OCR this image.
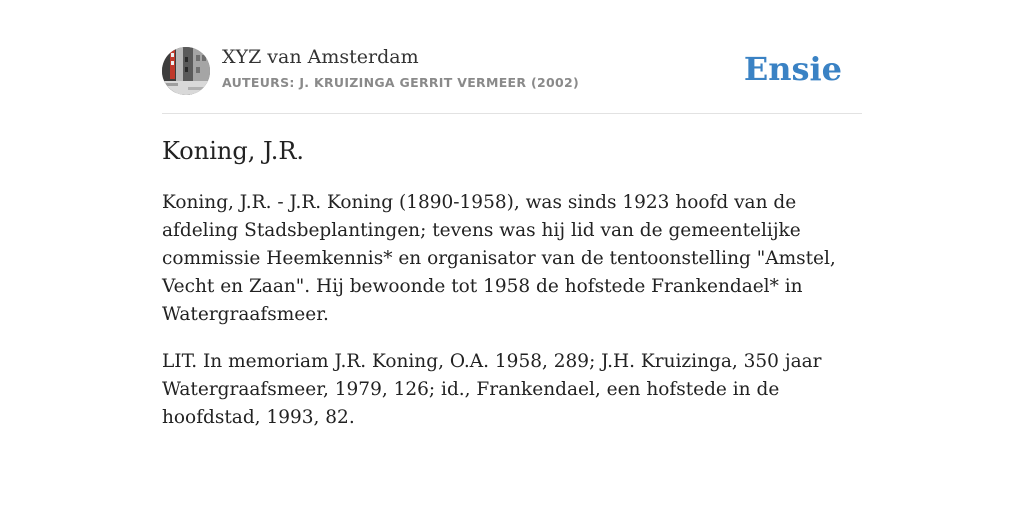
XYZ van Amsterdam
AUTEURS: J. KRUIZINGA GERRIT VERMEER (2002)	Ensie
Koning, J.R.

Koning, J.R. - J.R. Koning (1890-1958), was sinds 1923 hoofd van de afdeling Stadsbeplantingen; tevens was hij lid van de gemeentelijke commissie Heemkennis* en organisator van de tentoonstelling "Amstel, Vecht en Zaan". Hij bewoonde tot 1958 de hofstede Frankendael* in Watergraafsmeer.

LIT. In memoriam J.R. Koning, O.A. 1958, 289; J.H. Kruizinga, 350 jaar Watergraafsmeer, 1979, 126; id., Frankendael, een hofstede in de hoofdstad, 1993, 82.
